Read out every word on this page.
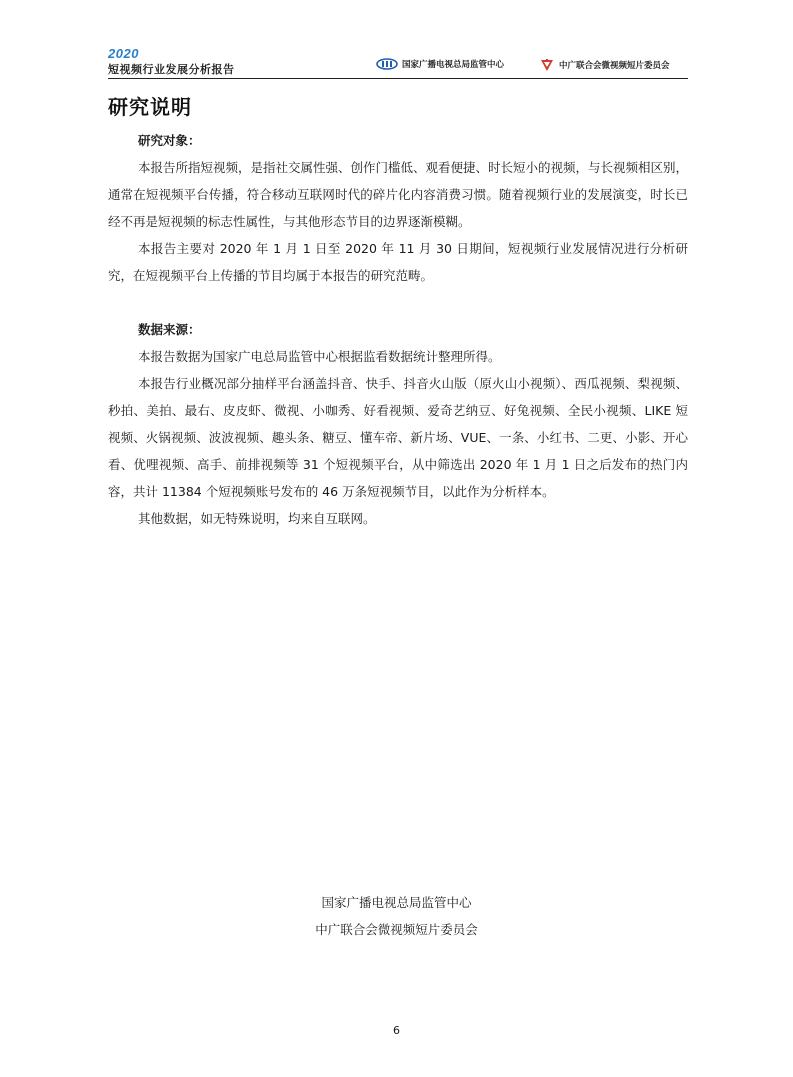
2020
短视频行业发展分析报告	国家广播电视总局监管中心	中广联合会微视频短片委员会
研究说明
研究对象：

本报告所指短视频，是指社交属性强、创作门槛低、观看便捷、时长短小的视频，与长视频相区别，通常在短视频平台传播，符合移动互联网时代的碎片化内容消费习惯。随着视频行业的发展演变，时长已经不再是短视频的标志性属性，与其他形态节目的边界逐渐模糊。

本报告主要对 2020 年 1 月 1 日至 2020 年 11 月 30 日期间，短视频行业发展情况进行分析研究，在短视频平台上传播的节目均属于本报告的研究范畴。

数据来源：

本报告数据为国家广电总局监管中心根据监看数据统计整理所得。

本报告行业概况部分抽样平台涵盖抖音、快手、抖音火山版（原火山小视频）、西瓜视频、梨视频、秒拍、美拍、最右、皮皮虾、微视、小咖秀、好看视频、爱奇艺纳豆、好兔视频、全民小视频、LIKE 短视频、火锅视频、波波视频、趣头条、糖豆、懂车帝、新片场、VUE、一条、小红书、二更、小影、开心看、优哩视频、高手、前排视频等 31 个短视频平台，从中筛选出 2020 年 1 月 1 日之后发布的热门内容，共计 11384 个短视频账号发布的 46 万条短视频节目，以此作为分析样本。

其他数据，如无特殊说明，均来自互联网。

国家广播电视总局监管中心
中广联合会微视频短片委员会
6
